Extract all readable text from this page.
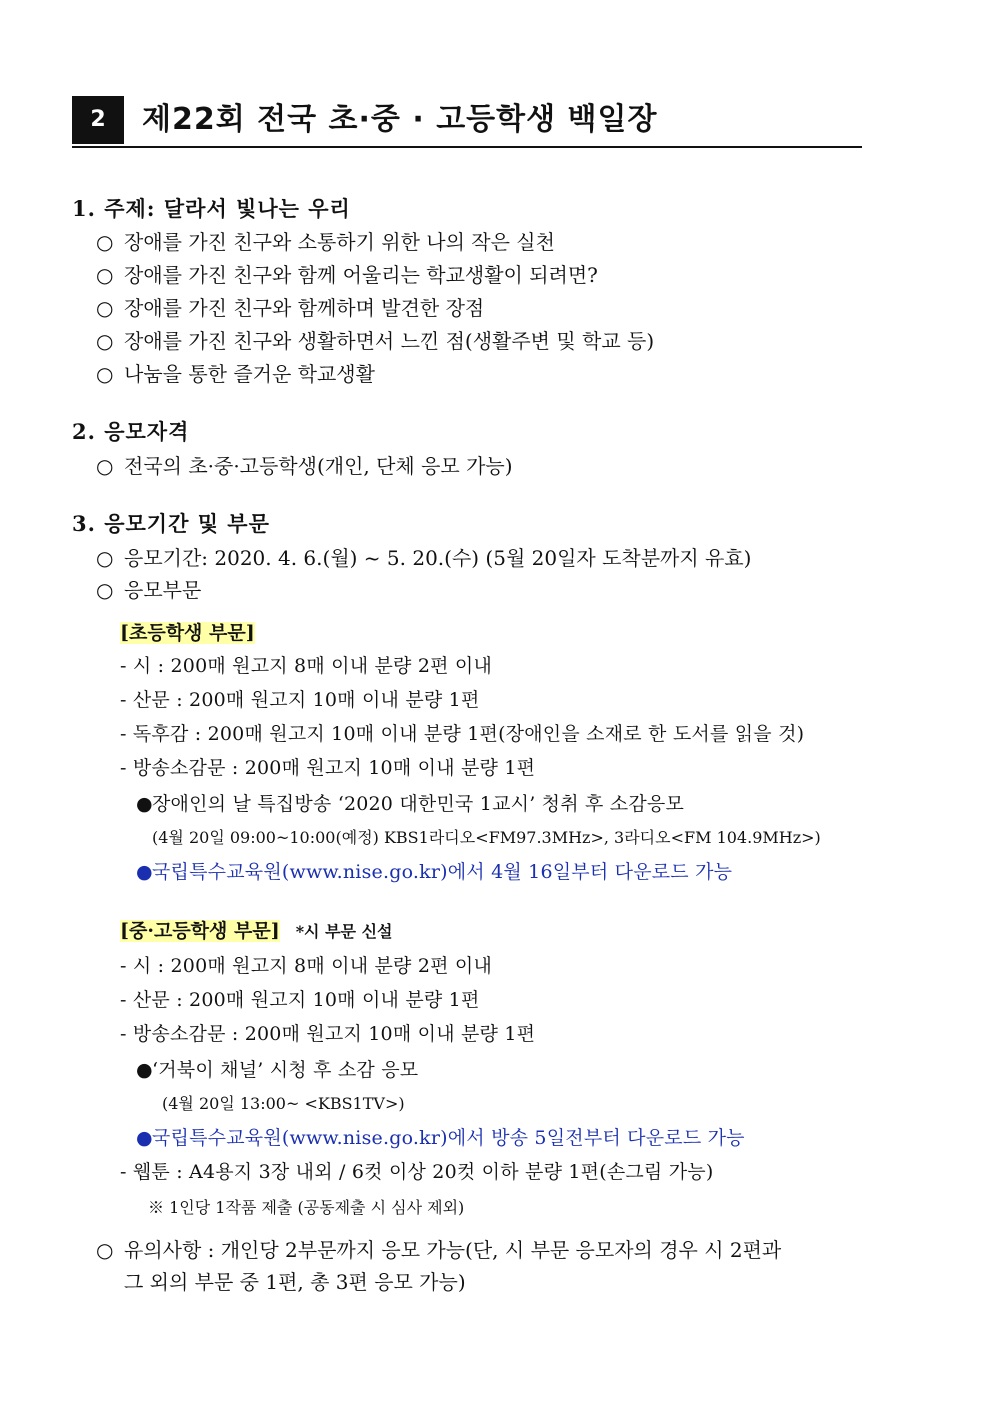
2	제22회 전국 초·중 · 고등학생 백일장
1. 주제: 달라서 빛나는 우리
○ 장애를 가진 친구와 소통하기 위한 나의 작은 실천
○ 장애를 가진 친구와 함께 어울리는 학교생활이 되려면?
○ 장애를 가진 친구와 함께하며 발견한 장점
○ 장애를 가진 친구와 생활하면서 느낀 점(생활주변 및 학교 등)
○ 나눔을 통한 즐거운 학교생활
2. 응모자격
○ 전국의 초·중·고등학생(개인, 단체 응모 가능)
3. 응모기간 및 부문
○ 응모기간: 2020. 4. 6.(월) ~ 5. 20.(수) (5월 20일자 도착분까지 유효)
○ 응모부문
[초등학생 부문]
- 시 : 200매 원고지 8매 이내 분량 2편 이내
- 산문 : 200매 원고지 10매 이내 분량 1편
- 독후감 : 200매 원고지 10매 이내 분량 1편(장애인을 소재로 한 도서를 읽을 것)
- 방송소감문 : 200매 원고지 10매 이내 분량 1편
●장애인의 날 특집방송 ‘2020 대한민국 1교시’ 청취 후 소감응모
(4월 20일 09:00~10:00(예정) KBS1라디오<FM97.3MHz>, 3라디오<FM 104.9MHz>)
●국립특수교육원(www.nise.go.kr)에서 4월 16일부터 다운로드 가능
[중·고등학생 부문] *시 부문 신설
- 시 : 200매 원고지 8매 이내 분량 2편 이내
- 산문 : 200매 원고지 10매 이내 분량 1편
- 방송소감문 : 200매 원고지 10매 이내 분량 1편
●‘거북이 채널’ 시청 후 소감 응모
(4월 20일 13:00~ <KBS1TV>)
●국립특수교육원(www.nise.go.kr)에서 방송 5일전부터 다운로드 가능
- 웹툰 : A4용지 3장 내외 / 6컷 이상 20컷 이하 분량 1편(손그림 가능)
※ 1인당 1작품 제출 (공동제출 시 심사 제외)
○ 유의사항 : 개인당 2부문까지 응모 가능(단, 시 부문 응모자의 경우 시 2편과
그 외의 부문 중 1편, 총 3편 응모 가능)
